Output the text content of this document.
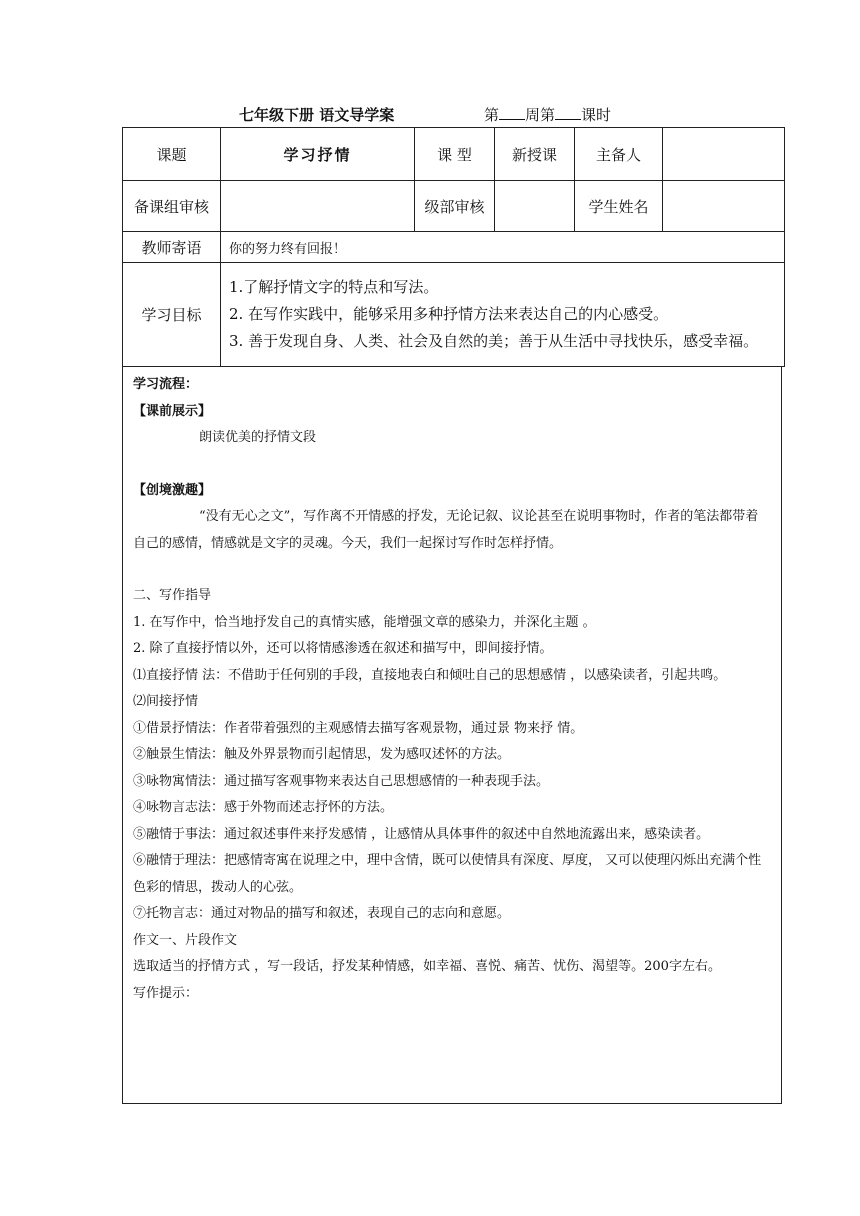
七年级下册 语文导学案	第 周第 课时
课题	学习抒情	课 型	新授课	主备人	
备课组审核		级部审核		学生姓名	
教师寄语	你的努力终有回报！				
学习目标	1.了解抒情文字的特点和写法。
2. 在写作实践中，能够采用多种抒情方法来表达自己的内心感受。
3. 善于发现自身、人类、社会及自然的美；善于从生活中寻找快乐，感受幸福。				

学习流程：

【课前展示】

朗读优美的抒情文段

【创境激趣】

“没有无心之文”，写作离不开情感的抒发，无论记叙、议论甚至在说明事物时，作者的笔法都带着自己的感情，情感就是文字的灵魂。今天，我们一起探讨写作时怎样抒情。

二、写作指导

1. 在写作中，恰当地抒发自己的真情实感，能增强文章的感染力，并深化主题 。

2. 除了直接抒情以外，还可以将情感渗透在叙述和描写中，即间接抒情。

⑴直接抒情 法：不借助于任何别的手段，直接地表白和倾吐自己的思想感情 ，以感染读者，引起共鸣。

⑵间接抒情

①借景抒情法：作者带着强烈的主观感情去描写客观景物，通过景 物来抒 情。

②触景生情法：触及外界景物而引起情思，发为感叹述怀的方法。

③咏物寓情法：通过描写客观事物来表达自己思想感情的一种表现手法。

④咏物言志法：感于外物而述志抒怀的方法。

⑤融情于事法：通过叙述事件来抒发感情 ，让感情从具体事件的叙述中自然地流露出来，感染读者。

⑥融情于理法：把感情寄寓在说理之中，理中含情，既可以使情具有深度、厚度， 又可以使理闪烁出充满个性色彩的情思，拨动人的心弦。

⑦托物言志：通过对物品的描写和叙述，表现自己的志向和意愿。

作文一、片段作文

选取适当的抒情方式 ，写一段话，抒发某种情感，如幸福、喜悦、痛苦、忧伤、渴望等。200字左右。

写作提示：
